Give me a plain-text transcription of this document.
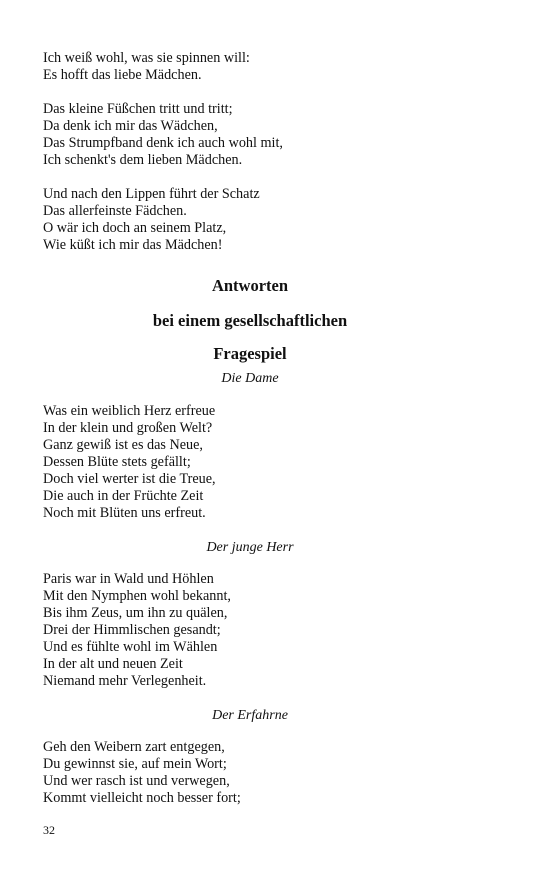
Ich weiß wohl, was sie spinnen will:
Es hofft das liebe Mädchen.
Das kleine Füßchen tritt und tritt;
Da denk ich mir das Wädchen,
Das Strumpfband denk ich auch wohl mit,
Ich schenkt's dem lieben Mädchen.
Und nach den Lippen führt der Schatz
Das allerfeinste Fädchen.
O wär ich doch an seinem Platz,
Wie küßt ich mir das Mädchen!
Antworten
bei einem gesellschaftlichen
Fragespiel
Die Dame
Was ein weiblich Herz erfreue
In der klein und großen Welt?
Ganz gewiß ist es das Neue,
Dessen Blüte stets gefällt;
Doch viel werter ist die Treue,
Die auch in der Früchte Zeit
Noch mit Blüten uns erfreut.
Der junge Herr
Paris war in Wald und Höhlen
Mit den Nymphen wohl bekannt,
Bis ihm Zeus, um ihn zu quälen,
Drei der Himmlischen gesandt;
Und es fühlte wohl im Wählen
In der alt und neuen Zeit
Niemand mehr Verlegenheit.
Der Erfahrne
Geh den Weibern zart entgegen,
Du gewinnst sie, auf mein Wort;
Und wer rasch ist und verwegen,
Kommt vielleicht noch besser fort;
32
